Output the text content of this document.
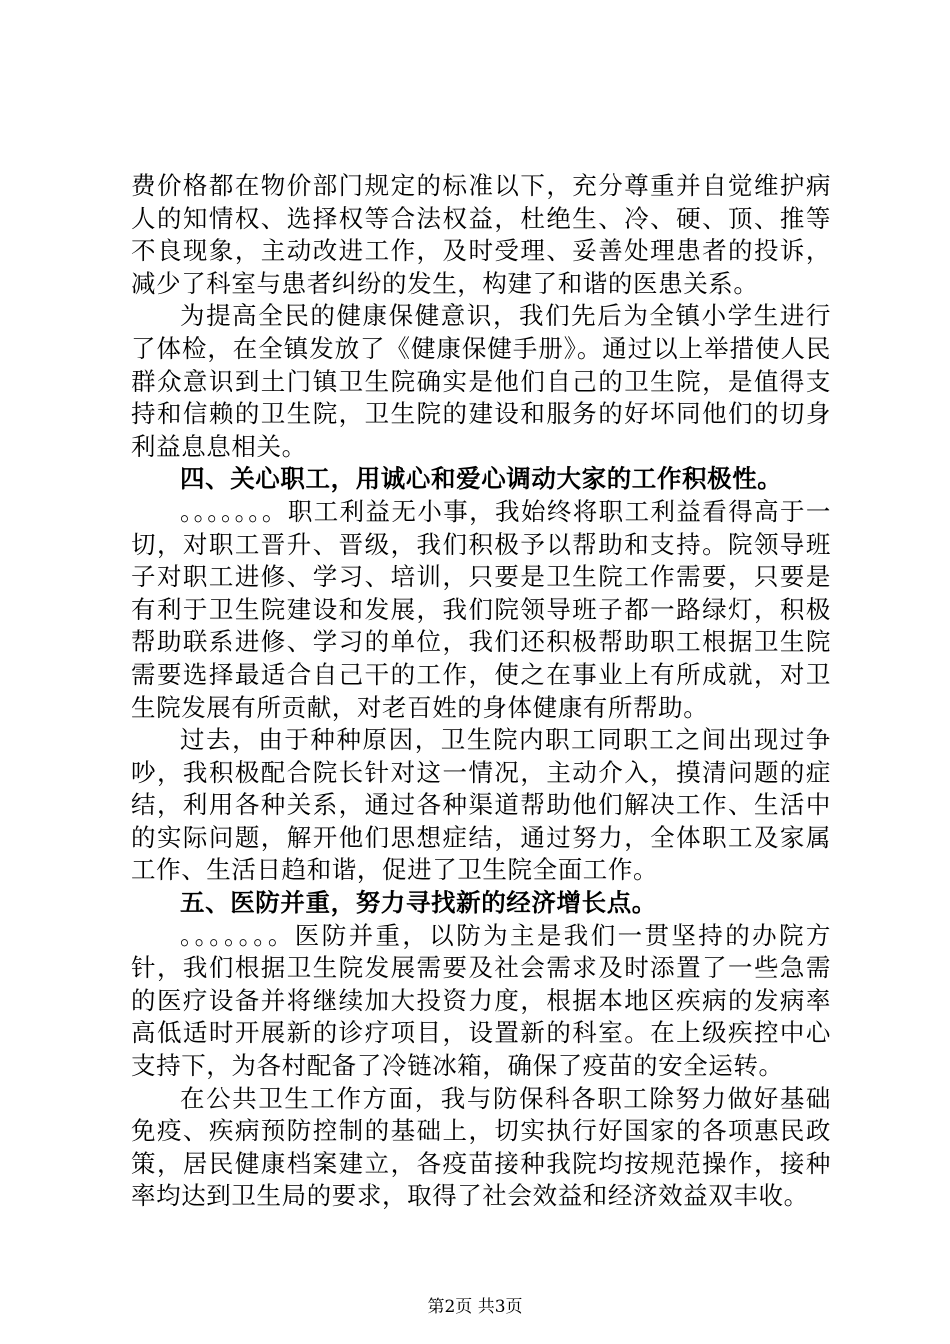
费价格都在物价部门规定的标准以下，充分尊重并自觉维护病人的知情权、选择权等合法权益，杜绝生、冷、硬、顶、推等不良现象，主动改进工作，及时受理、妥善处理患者的投诉，减少了科室与患者纠纷的发生，构建了和谐的医患关系。

为提高全民的健康保健意识，我们先后为全镇小学生进行了体检，在全镇发放了《健康保健手册》。通过以上举措使人民群众意识到土门镇卫生院确实是他们自己的卫生院，是值得支持和信赖的卫生院，卫生院的建设和服务的好坏同他们的切身利益息息相关。

四、关心职工，用诚心和爱心调动大家的工作积极性。

。。。。。。。职工利益无小事，我始终将职工利益看得高于一切，对职工晋升、晋级，我们积极予以帮助和支持。院领导班子对职工进修、学习、培训，只要是卫生院工作需要，只要是有利于卫生院建设和发展，我们院领导班子都一路绿灯，积极帮助联系进修、学习的单位，我们还积极帮助职工根据卫生院需要选择最适合自己干的工作，使之在事业上有所成就，对卫生院发展有所贡献，对老百姓的身体健康有所帮助。

过去，由于种种原因，卫生院内职工同职工之间出现过争吵，我积极配合院长针对这一情况，主动介入，摸清问题的症结，利用各种关系，通过各种渠道帮助他们解决工作、生活中的实际问题，解开他们思想症结，通过努力，全体职工及家属工作、生活日趋和谐，促进了卫生院全面工作。

五、医防并重，努力寻找新的经济增长点。

。。。。。。。医防并重，以防为主是我们一贯坚持的办院方针，我们根据卫生院发展需要及社会需求及时添置了一些急需的医疗设备并将继续加大投资力度，根据本地区疾病的发病率高低适时开展新的诊疗项目，设置新的科室。在上级疾控中心支持下，为各村配备了冷链冰箱，确保了疫苗的安全运转。

在公共卫生工作方面，我与防保科各职工除努力做好基础免疫、疾病预防控制的基础上，切实执行好国家的各项惠民政策，居民健康档案建立，各疫苗接种我院均按规范操作，接种率均达到卫生局的要求，取得了社会效益和经济效益双丰收。

第2页 共3页
